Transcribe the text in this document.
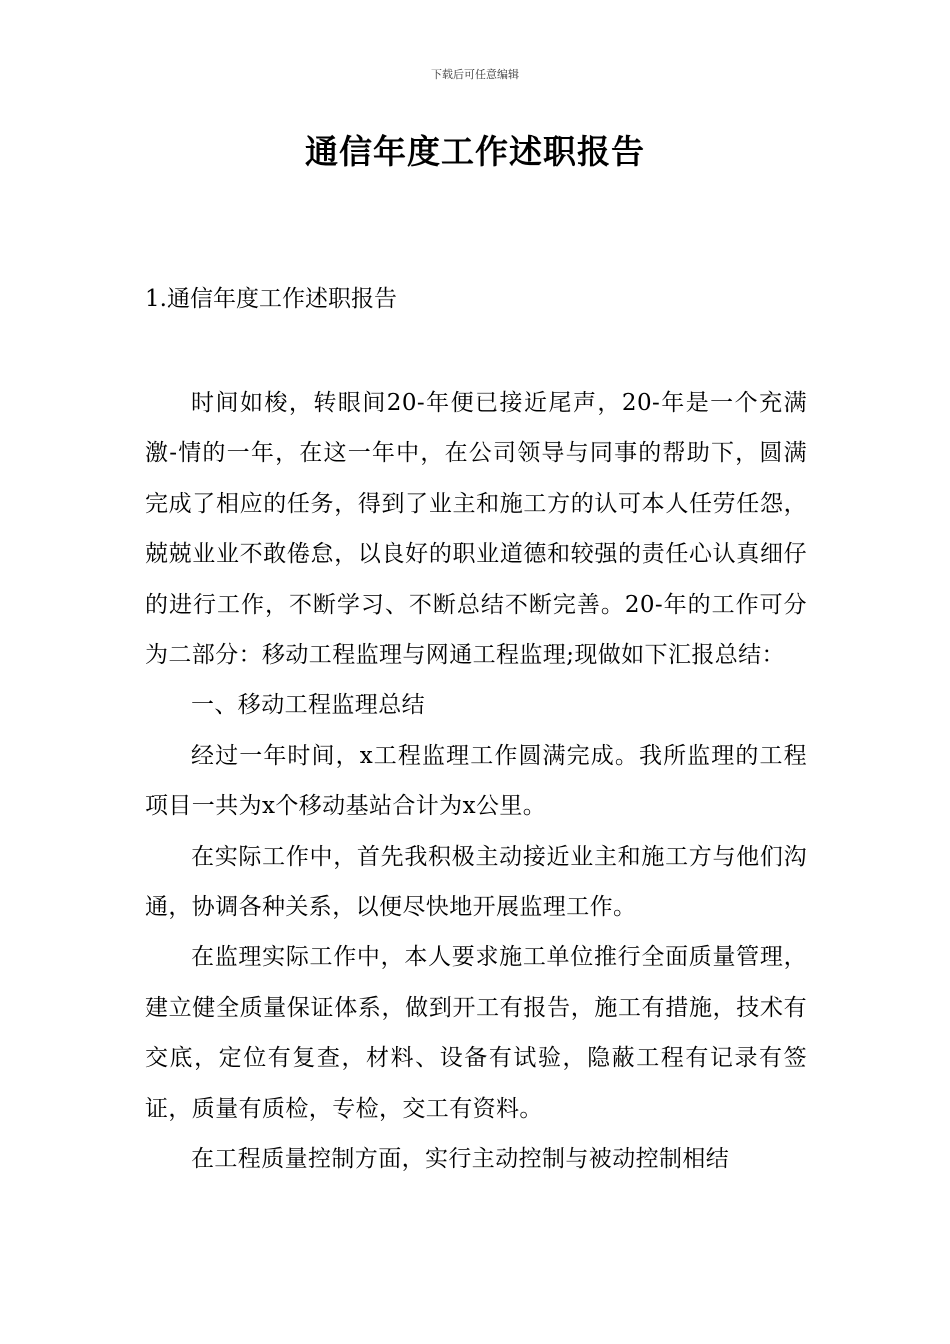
下载后可任意编辑
通信年度工作述职报告
1.通信年度工作述职报告

时间如梭，转眼间20-年便已接近尾声，20-年是一个充满激-情的一年，在这一年中，在公司领导与同事的帮助下，圆满完成了相应的任务，得到了业主和施工方的认可本人任劳任怨，兢兢业业不敢倦怠，以良好的职业道德和较强的责任心认真细仔的进行工作，不断学习、不断总结不断完善。20-年的工作可分为二部分：移动工程监理与网通工程监理;现做如下汇报总结：

一、移动工程监理总结

经过一年时间，x工程监理工作圆满完成。我所监理的工程项目一共为x个移动基站合计为x公里。

在实际工作中，首先我积极主动接近业主和施工方与他们沟通，协调各种关系，以便尽快地开展监理工作。

在监理实际工作中，本人要求施工单位推行全面质量管理，建立健全质量保证体系，做到开工有报告，施工有措施，技术有交底，定位有复查，材料、设备有试验，隐蔽工程有记录有签证，质量有质检，专检，交工有资料。

在工程质量控制方面，实行主动控制与被动控制相结
